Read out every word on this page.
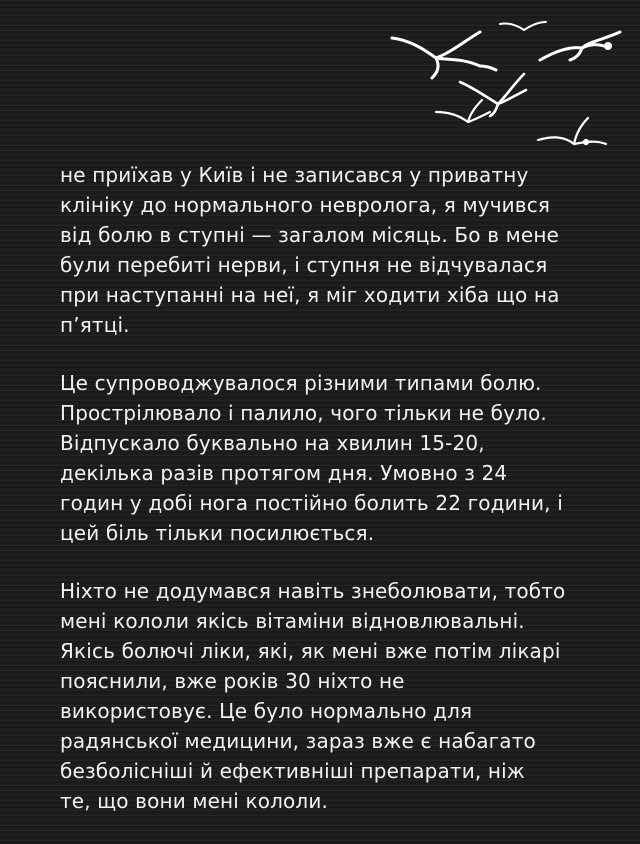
не приїхав у Київ і не записався у приватну
клініку до нормального невролога, я мучився
від болю в ступні — загалом місяць. Бо в мене
були перебиті нерви, і ступня не відчувалася
при наступанні на неї, я міг ходити хіба що на
п’ятці.

Це супроводжувалося різними типами болю.
Прострілювало і палило, чого тільки не було.
Відпускало буквально на хвилин 15-20,
декілька разів протягом дня. Умовно з 24
годин у добі нога постійно болить 22 години, і
цей біль тільки посилюється.

Ніхто не додумався навіть знеболювати, тобто
мені кололи якісь вітаміни відновлювальні.
Якісь болючі ліки, які, як мені вже потім лікарі
пояснили, вже років 30 ніхто не
використовує. Це було нормально для
радянської медицини, зараз вже є набагато
безболісніші й ефективніші препарати, ніж
те, що вони мені кололи.
